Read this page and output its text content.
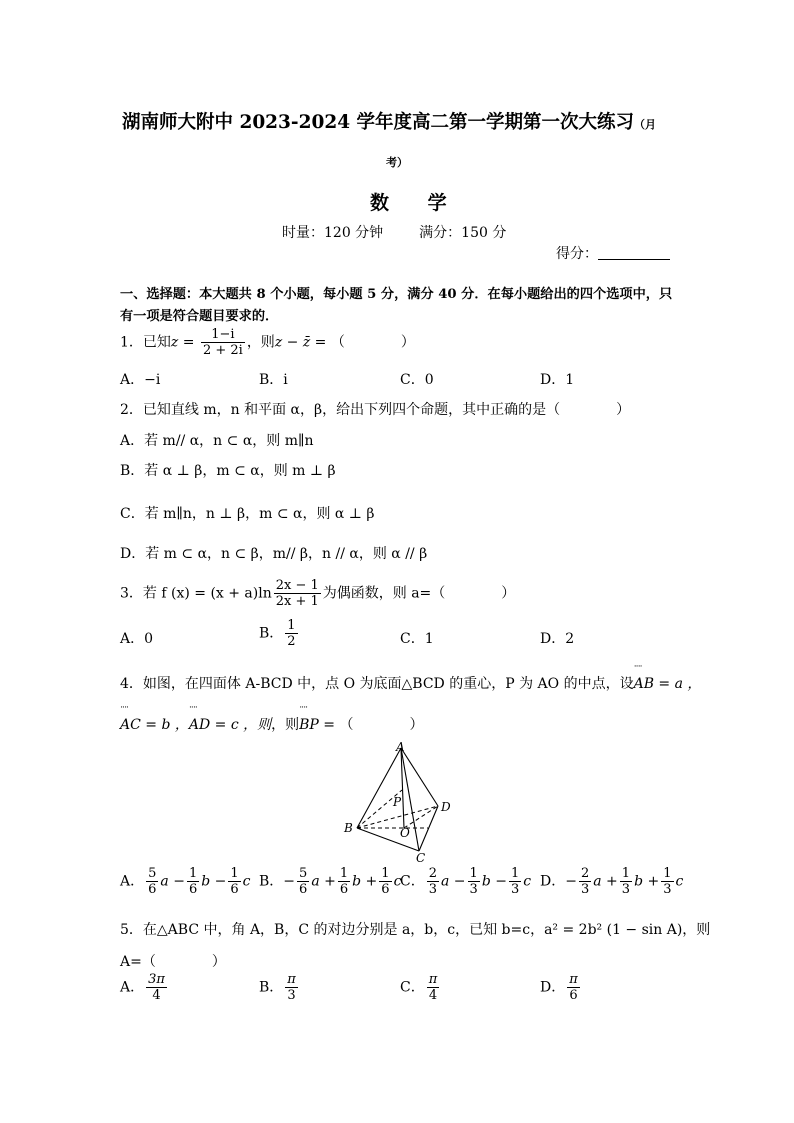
湖南师大附中 2023-2024 学年度高二第一学期第一次大练习（月
考）
数 学
时量：120 分钟	满分：150 分
得分：
一、选择题：本大题共 8 个小题，每小题 5 分，满分 40 分．在每小题给出的四个选项中，只有一项是符合题目要求的．
1．已知$z = \frac{1-i}{2 + 2i}$ ，则z − z̄ = （　　　　）
A．−i	B．i	C．0	D．1
2．已知直线 m，n 和平面 α，β，给出下列四个命题，其中正确的是（　　　　）
A．若 m// α，n ⊂ α，则 m∥n
B．若 α ⊥ β，m ⊂ α，则 m ⊥ β
C．若 m∥n，n ⊥ β，m ⊂ α，则 α ⊥ β
D．若 m ⊂ α，n ⊂ β，m// β，n // α，则 α // β
3．若 f $(x) = (x + a)\ln \frac{2x - 1}{2x + 1}$ 为偶函数，则 a=（　　　　）
A．0	B． $\frac{1}{2}$	C．1	D．2
4．如图，在四面体 A-BCD 中，点 O 为底面△BCD 的重心，P 为 AO 的中点，设¨¨ AB = a ，
¨¨ AC = b ，¨¨ AD = c ，则，则¨¨ BP = （　　　　）
A
B
C
D
O
P
A． $\frac{5}{6}$ $a - \frac{1}{6}$ $b - \frac{1}{6}$ c B．− $\frac{5}{6}$ $a + \frac{1}{6}$ $b + \frac{1}{6}$ c
C． $\frac{2}{3}$ $a - \frac{1}{3}$ $b - \frac{1}{3}$ c D．− $\frac{2}{3}$ $a + \frac{1}{3}$ $b + \frac{1}{3}$ c
5．在△ABC 中，角 A，B，C 的对边分别是 a，b，c，已知 b=c，a² = 2b² (1 − sin A)，则
A=（　　　　）
A． $\frac{3\pi}{4}$	B． $\frac{\pi}{3}$	C． $\frac{\pi}{4}$	D． $\frac{\pi}{6}$
